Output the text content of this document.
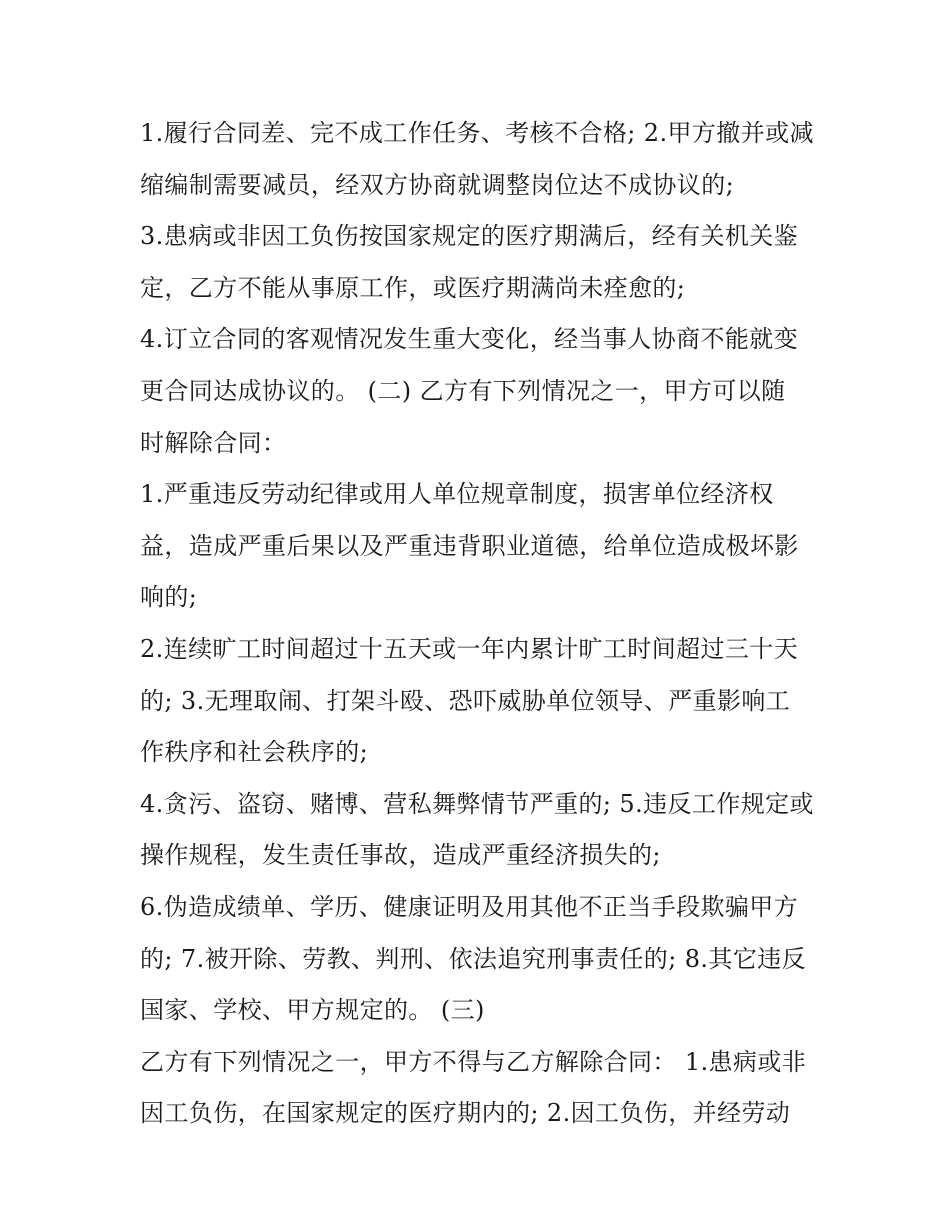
1.履行合同差、完不成工作任务、考核不合格; 2.甲方撤并或减
缩编制需要减员，经双方协商就调整岗位达不成协议的;
3.患病或非因工负伤按国家规定的医疗期满后，经有关机关鉴
定，乙方不能从事原工作，或医疗期满尚未痊愈的;
4.订立合同的客观情况发生重大变化，经当事人协商不能就变
更合同达成协议的。 (二) 乙方有下列情况之一，甲方可以随
时解除合同：
1.严重违反劳动纪律或用人单位规章制度，损害单位经济权
益，造成严重后果以及严重违背职业道德，给单位造成极坏影
响的;
2.连续旷工时间超过十五天或一年内累计旷工时间超过三十天
的; 3.无理取闹、打架斗殴、恐吓威胁单位领导、严重影响工
作秩序和社会秩序的;
4.贪污、盗窃、赌博、营私舞弊情节严重的; 5.违反工作规定或
操作规程，发生责任事故，造成严重经济损失的;
6.伪造成绩单、学历、健康证明及用其他不正当手段欺骗甲方
的; 7.被开除、劳教、判刑、依法追究刑事责任的; 8.其它违反
国家、学校、甲方规定的。 (三)
乙方有下列情况之一，甲方不得与乙方解除合同： 1.患病或非
因工负伤，在国家规定的医疗期内的; 2.因工负伤，并经劳动
